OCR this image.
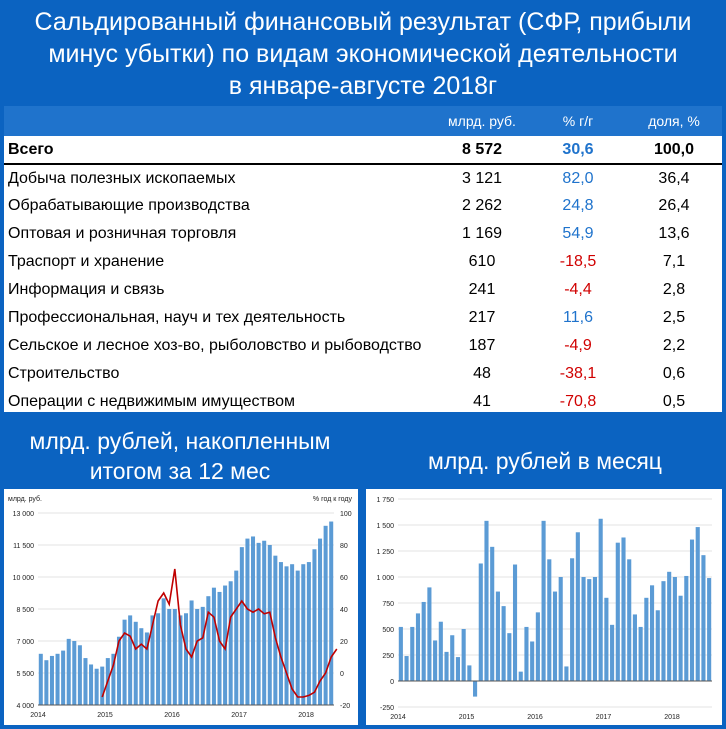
Сальдированный финансовый результат (СФР, прибыли
минус убытки) по видам экономической деятельности
в январе-августе 2018г
	млрд. руб.	% г/г	доля, %
Всего	8 572	30,6	100,0
Добыча полезных ископаемых	3 121	82,0	36,4
Обрабатывающие производства	2 262	24,8	26,4
Оптовая и розничная торговля	1 169	54,9	13,6
Траспорт и хранение	610	-18,5	7,1
Информация и связь	241	-4,4	2,8
Профессиональная, науч и тех деятельность	217	11,6	2,5
Сельское и лесное хоз-во, рыболовство и рыбоводство	187	-4,9	2,2
Строительство	48	-38,1	0,6
Операции с недвижимым имуществом	41	-70,8	0,5
млрд. рублей, накопленным
итогом за 12 мес	млрд. рублей в месяц
4 000
5 500
7 000
8 500
10 000
11 500
13 000
2014	2015	2016	2017	2018
млрд. руб.	% год к году
-20
0
20
40
60
80
100
-250
0
250
500
750
1 000
1 250
1 500
1 750
2014	2015	2016	2017	2018
